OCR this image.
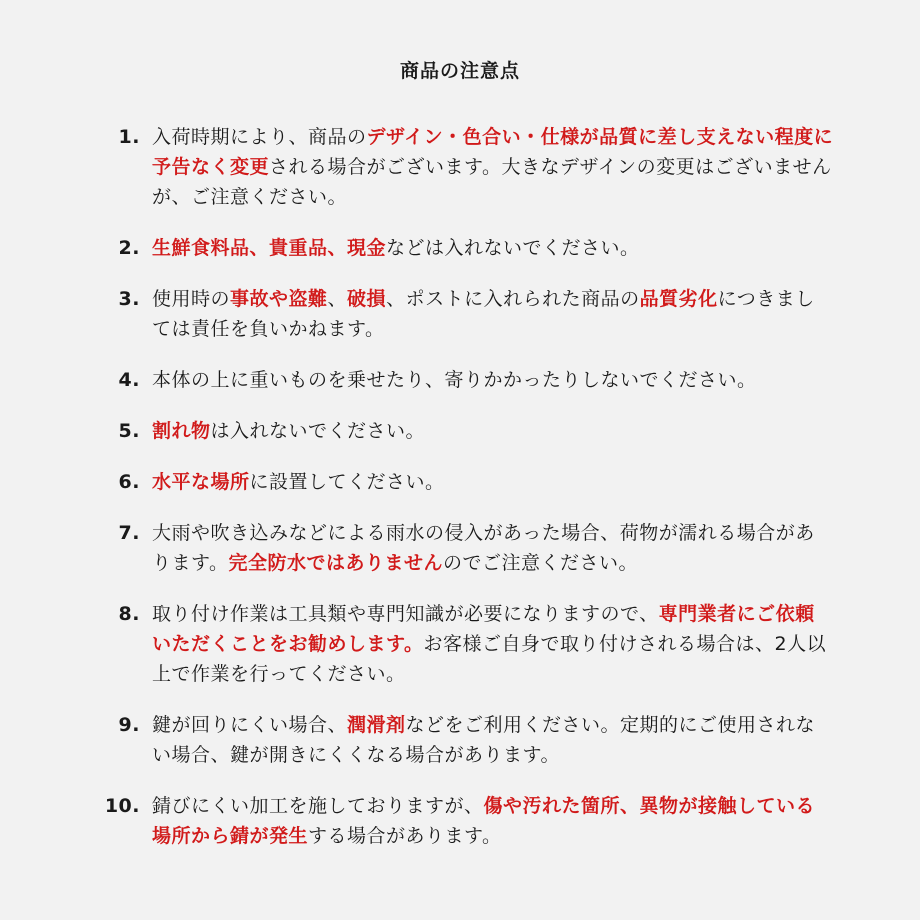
商品の注意点
1. 入荷時期により、商品のデザイン・色合い・仕様が品質に差し支えない程度に予告なく変更される場合がございます。大きなデザインの変更はございませんが、ご注意ください。
2. 生鮮食料品、貴重品、現金などは入れないでください。
3. 使用時の事故や盗難、破損、ポストに入れられた商品の品質劣化につきましては責任を負いかねます。
4. 本体の上に重いものを乗せたり、寄りかかったりしないでください。
5. 割れ物は入れないでください。
6. 水平な場所に設置してください。
7. 大雨や吹き込みなどによる雨水の侵入があった場合、荷物が濡れる場合があります。完全防水ではありませんのでご注意ください。
8. 取り付け作業は工具類や専門知識が必要になりますので、専門業者にご依頼いただくことをお勧めします。お客様ご自身で取り付けされる場合は、2人以上で作業を行ってください。
9. 鍵が回りにくい場合、潤滑剤などをご利用ください。定期的にご使用されない場合、鍵が開きにくくなる場合があります。
10. 錆びにくい加工を施しておりますが、傷や汚れた箇所、異物が接触している場所から錆が発生する場合があります。
